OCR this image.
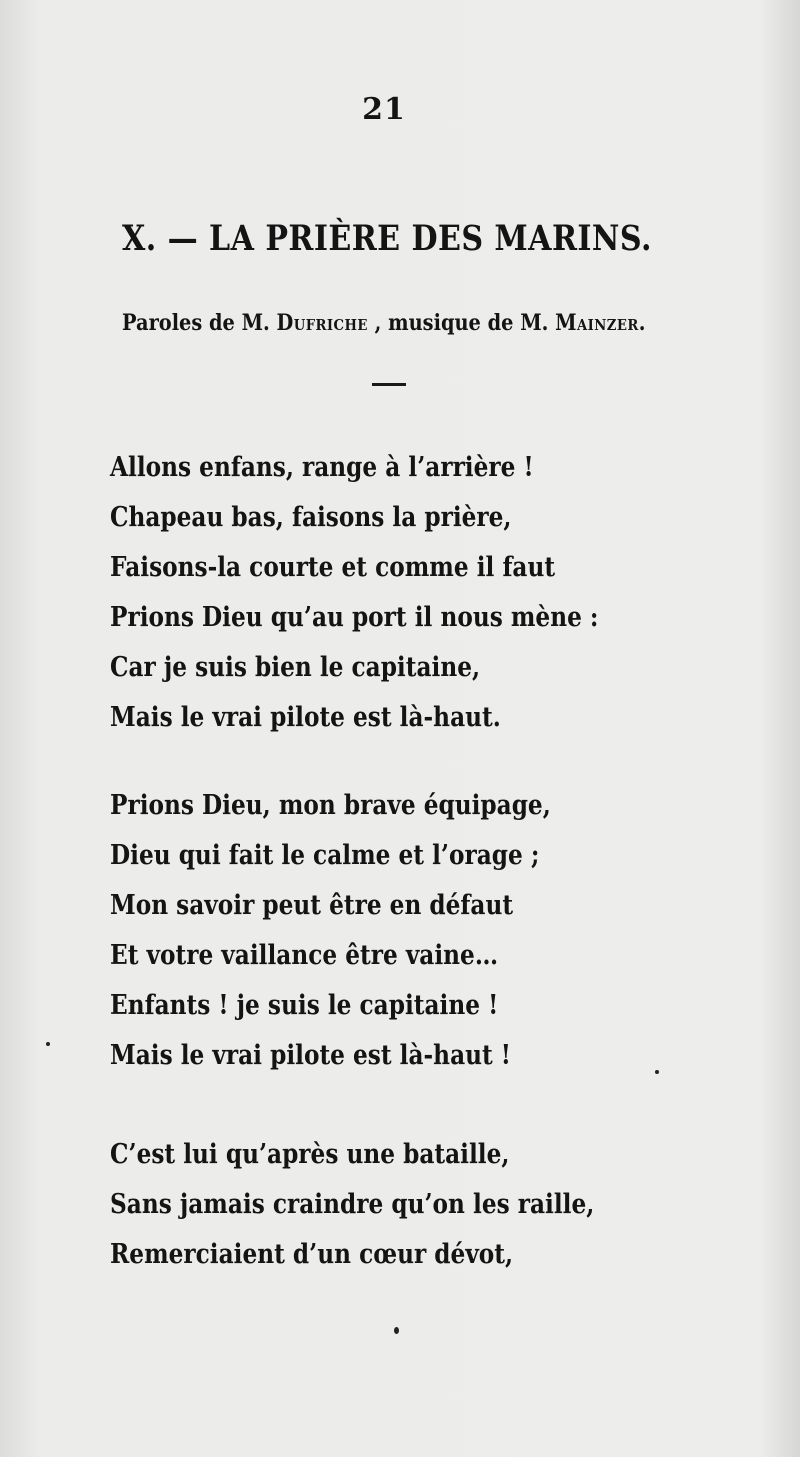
21
X. — LA PRIÈRE DES MARINS.
Paroles de M. Dufriche , musique de M. Mainzer.
Allons enfans, range à l’arrière !
Chapeau bas, faisons la prière,
Faisons-la courte et comme il faut
Prions Dieu qu’au port il nous mène :
Car je suis bien le capitaine,
Mais le vrai pilote est là-haut.
Prions Dieu, mon brave équipage,
Dieu qui fait le calme et l’orage ;
Mon savoir peut être en défaut
Et votre vaillance être vaine…
Enfants ! je suis le capitaine !
Mais le vrai pilote est là-haut !
C’est lui qu’après une bataille,
Sans jamais craindre qu’on les raille,
Remerciaient d’un cœur dévot,
